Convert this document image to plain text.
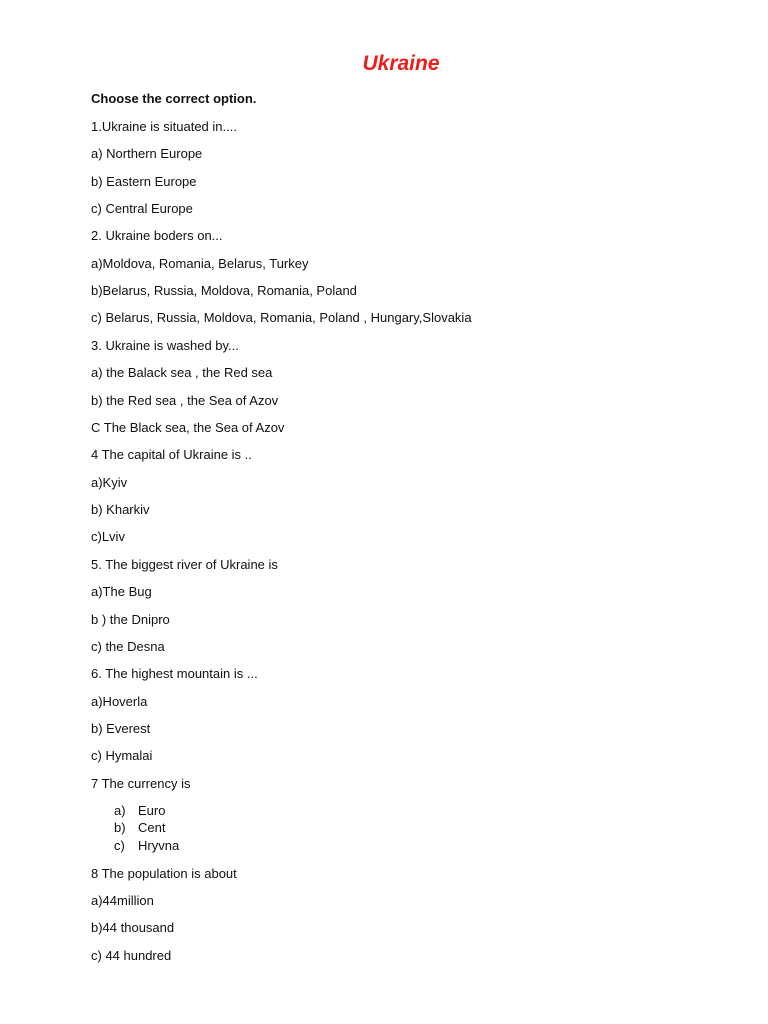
Ukraine
Choose the correct option.
1.Ukraine is situated in....
a) Northern Europe
b) Eastern Europe
c) Central Europe
2. Ukraine boders on...
a)Moldova, Romania, Belarus, Turkey
b)Belarus, Russia, Moldova, Romania, Poland
c) Belarus, Russia, Moldova, Romania, Poland , Hungary,Slovakia
3. Ukraine is washed by...
a) the Balack sea , the Red sea
b) the Red sea , the Sea of Azov
C The Black sea, the Sea of Azov
4 The capital of Ukraine is ..
a)Kyiv
b) Kharkiv
c)Lviv
5. The biggest river of Ukraine is
a)The Bug
b ) the Dnipro
c) the Desna
6. The highest mountain is ...
a)Hoverla
b) Everest
c) Hymalai
7 The currency is
a) Euro
b) Cent
c) Hryvna
8 The population is about
a)44million
b)44 thousand
c) 44 hundred
